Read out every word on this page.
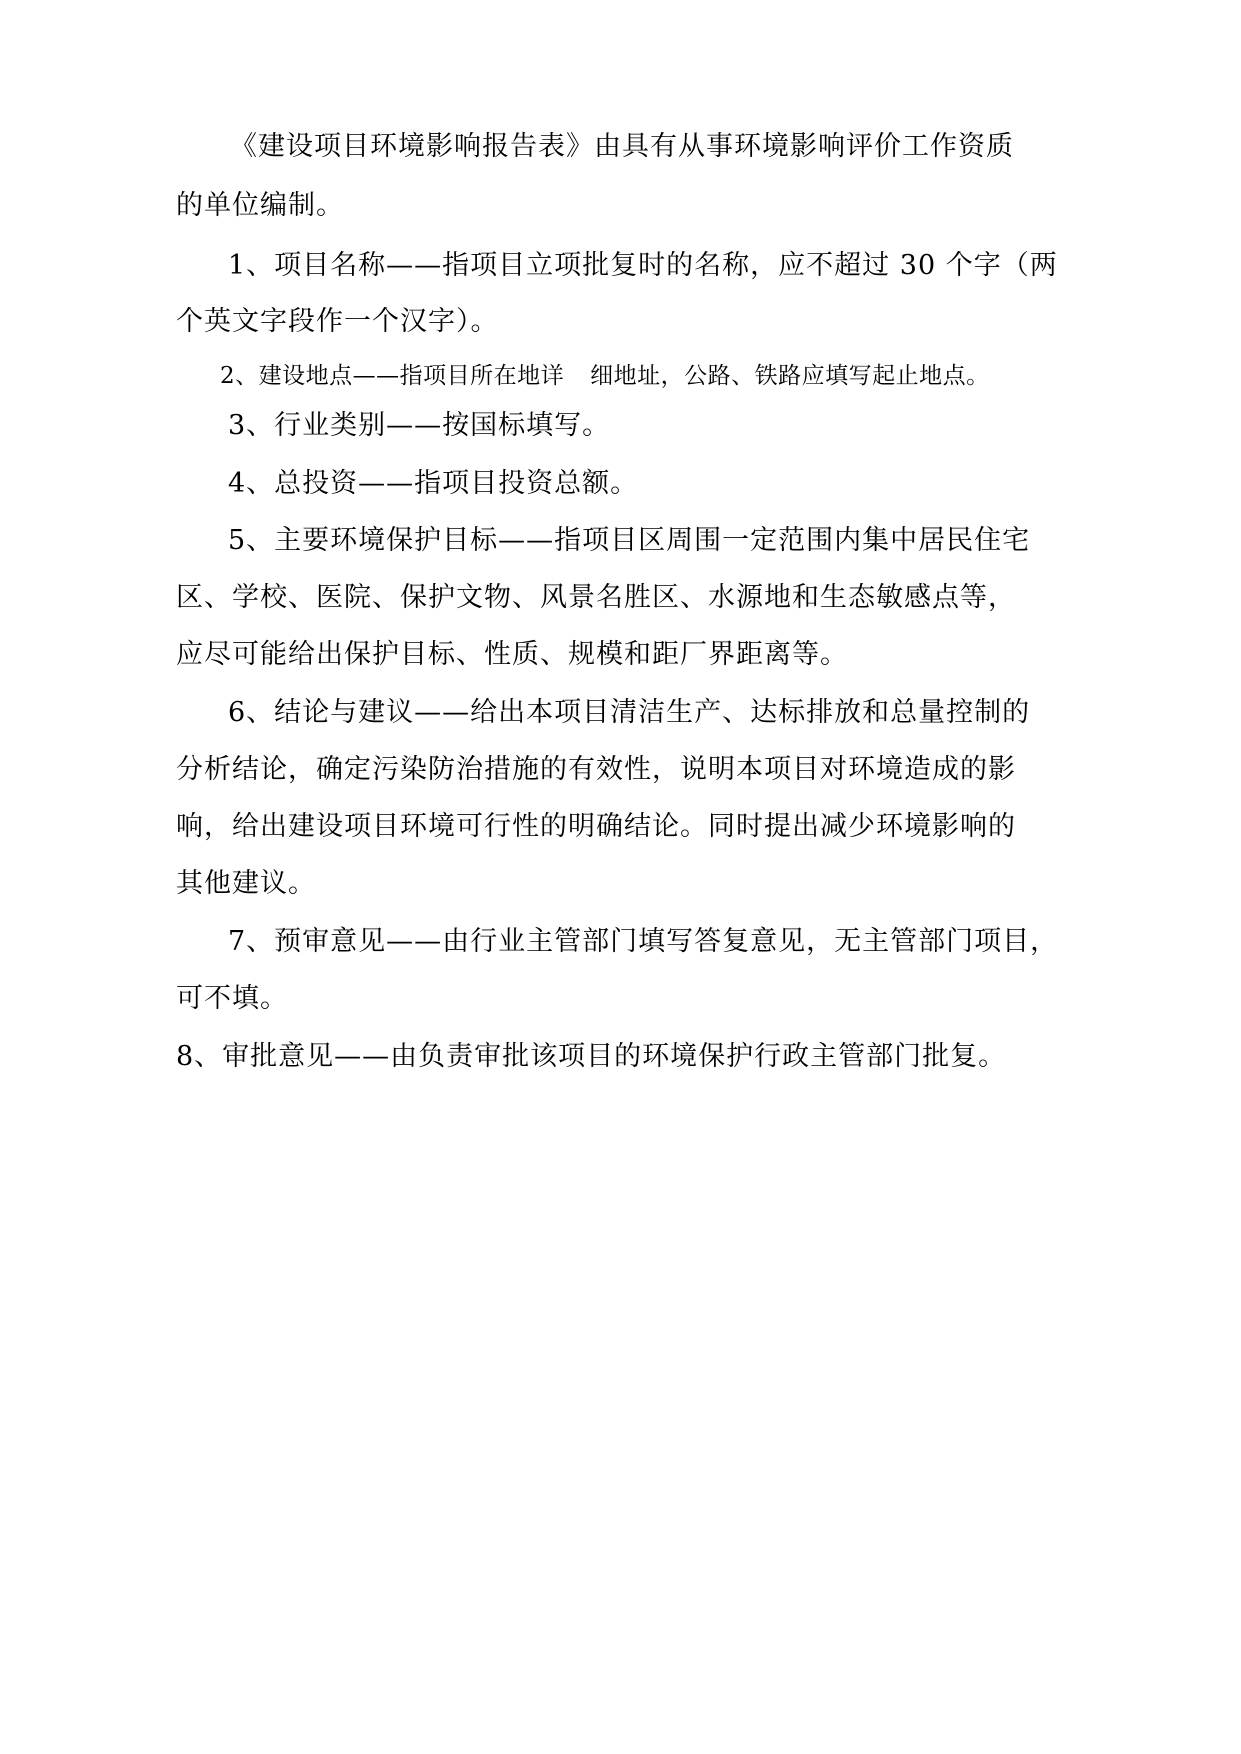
《建设项目环境影响报告表》由具有从事环境影响评价工作资质
的单位编制。
1、项目名称——指项目立项批复时的名称，应不超过 30 个字（两
个英文字段作一个汉字）。
2、建设地点——指项目所在地详 细地址，公路、铁路应填写起止地点。
3、行业类别——按国标填写。
4、总投资——指项目投资总额。
5、主要环境保护目标——指项目区周围一定范围内集中居民住宅
区、学校、医院、保护文物、风景名胜区、水源地和生态敏感点等，
应尽可能给出保护目标、性质、规模和距厂界距离等。
6、结论与建议——给出本项目清洁生产、达标排放和总量控制的
分析结论，确定污染防治措施的有效性，说明本项目对环境造成的影
响，给出建设项目环境可行性的明确结论。同时提出减少环境影响的
其他建议。
7、预审意见——由行业主管部门填写答复意见，无主管部门项目，
可不填。
8、审批意见——由负责审批该项目的环境保护行政主管部门批复。
